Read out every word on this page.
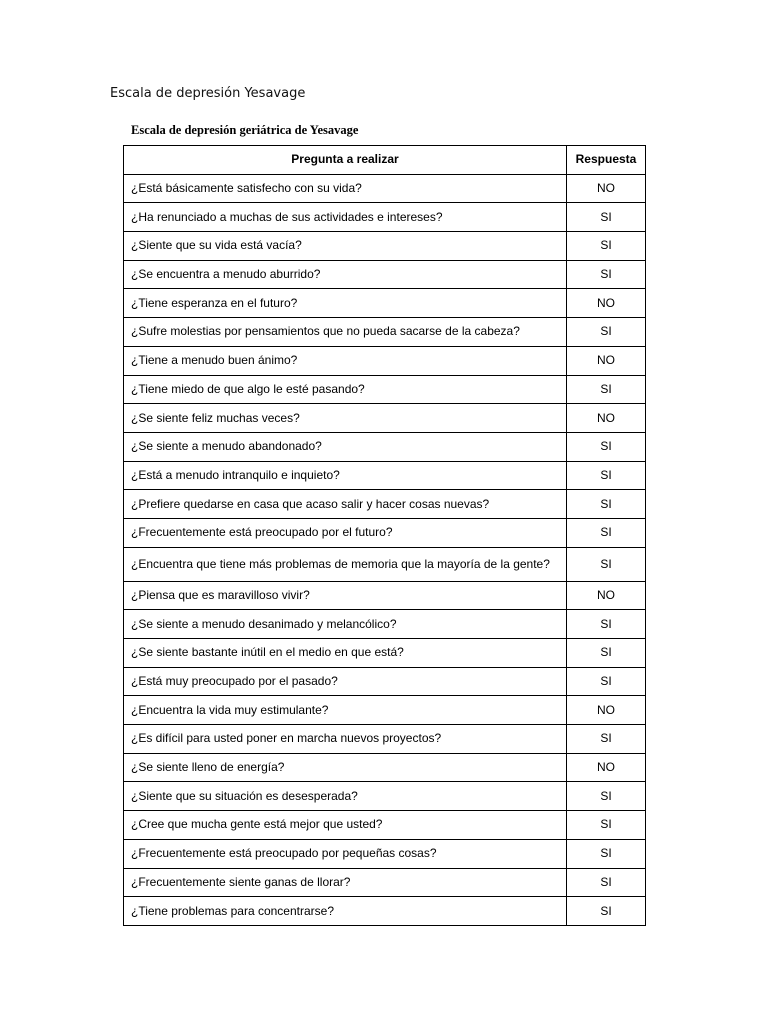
Escala de depresión Yesavage
Escala de depresión geriátrica de Yesavage
Pregunta a realizar	Respuesta
¿Está básicamente satisfecho con su vida?	NO
¿Ha renunciado a muchas de sus actividades e intereses?	SI
¿Siente que su vida está vacía?	SI
¿Se encuentra a menudo aburrido?	SI
¿Tiene esperanza en el futuro?	NO
¿Sufre molestias por pensamientos que no pueda sacarse de la cabeza?	SI
¿Tiene a menudo buen ánimo?	NO
¿Tiene miedo de que algo le esté pasando?	SI
¿Se siente feliz muchas veces?	NO
¿Se siente a menudo abandonado?	SI
¿Está a menudo intranquilo e inquieto?	SI
¿Prefiere quedarse en casa que acaso salir y hacer cosas nuevas?	SI
¿Frecuentemente está preocupado por el futuro?	SI
¿Encuentra que tiene más problemas de memoria que la mayoría de la gente?	SI
¿Piensa que es maravilloso vivir?	NO
¿Se siente a menudo desanimado y melancólico?	SI
¿Se siente bastante inútil en el medio en que está?	SI
¿Está muy preocupado por el pasado?	SI
¿Encuentra la vida muy estimulante?	NO
¿Es difícil para usted poner en marcha nuevos proyectos?	SI
¿Se siente lleno de energía?	NO
¿Siente que su situación es desesperada?	SI
¿Cree que mucha gente está mejor que usted?	SI
¿Frecuentemente está preocupado por pequeñas cosas?	SI
¿Frecuentemente siente ganas de llorar?	SI
¿Tiene problemas para concentrarse?	SI
